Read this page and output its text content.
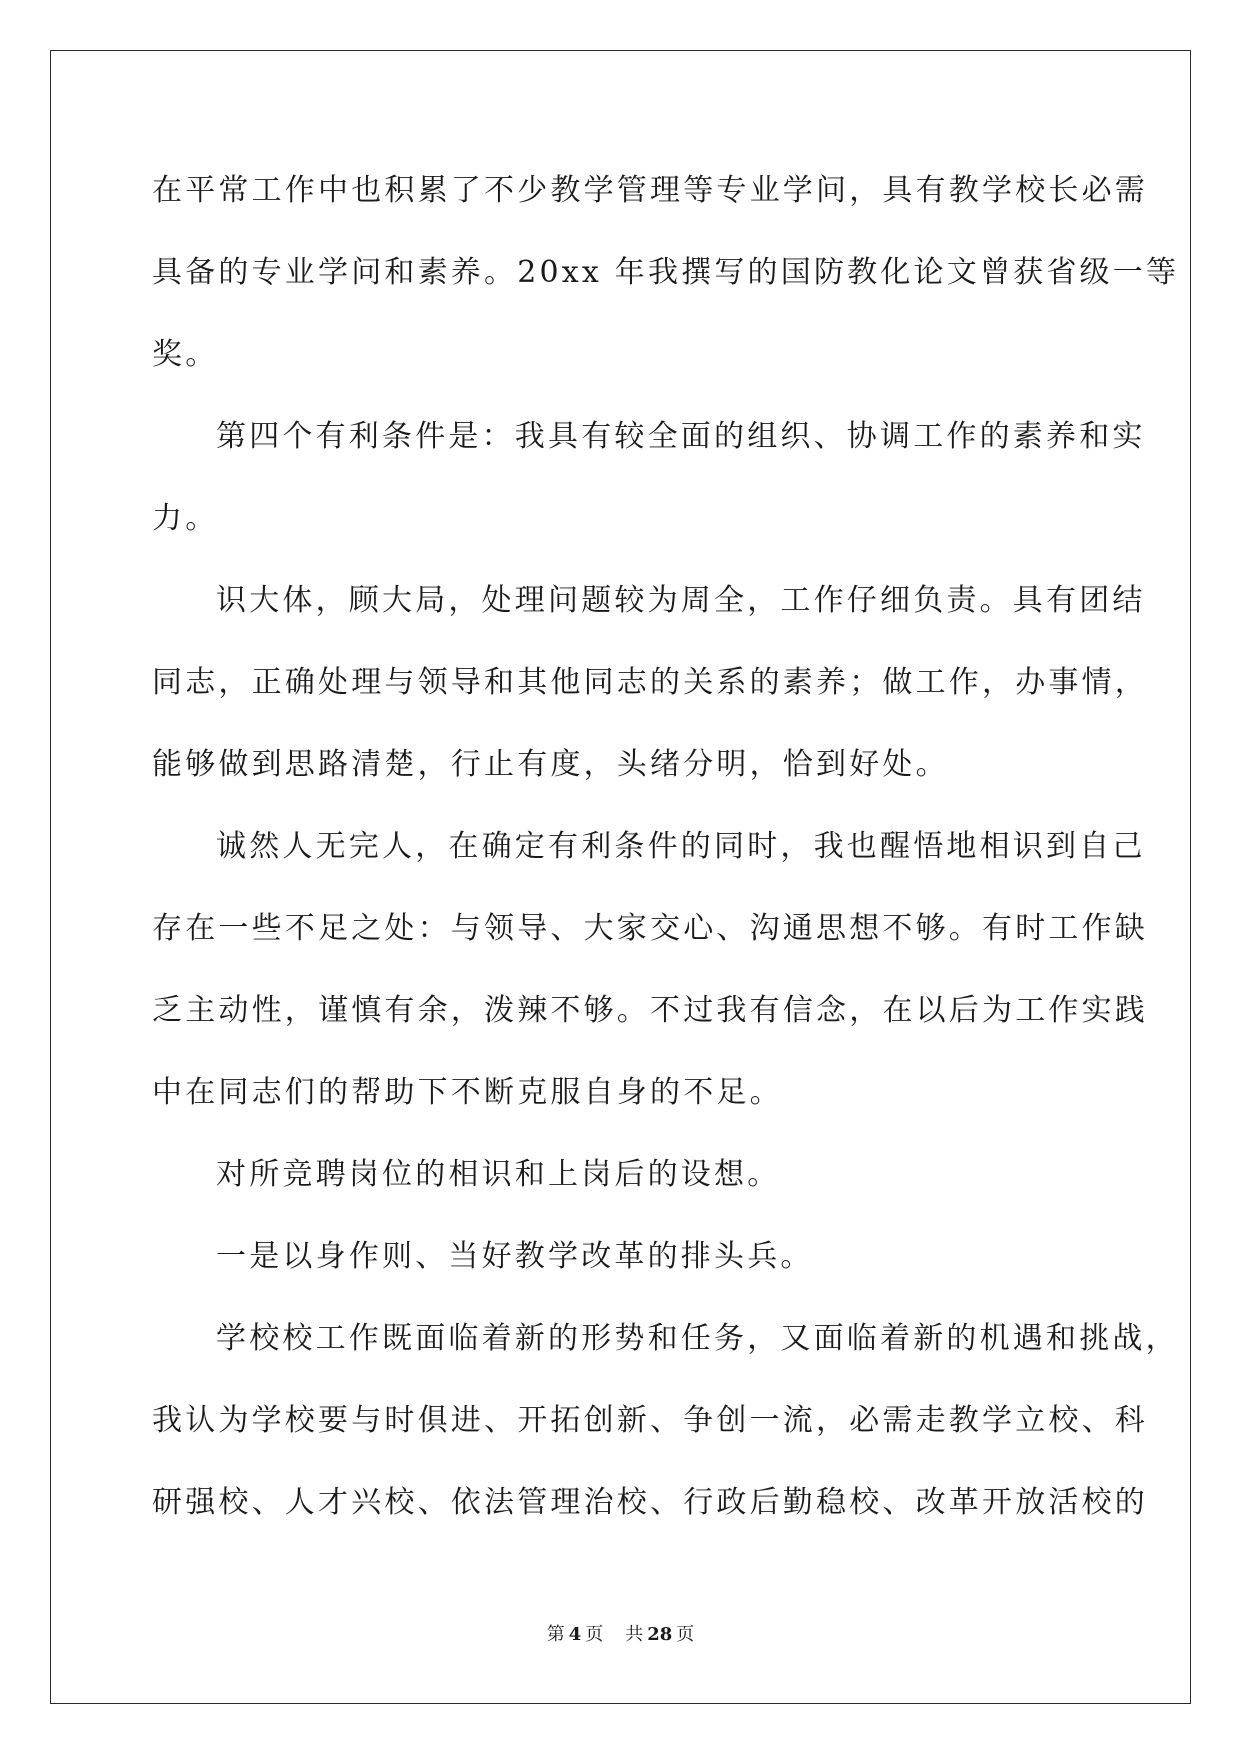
在平常工作中也积累了不少教学管理等专业学问，具有教学校长必需
具备的专业学问和素养。20xx 年我撰写的国防教化论文曾获省级一等
奖。
第四个有利条件是：我具有较全面的组织、协调工作的素养和实
力。
识大体，顾大局，处理问题较为周全，工作仔细负责。具有团结
同志，正确处理与领导和其他同志的关系的素养；做工作，办事情，
能够做到思路清楚，行止有度，头绪分明，恰到好处。
诚然人无完人，在确定有利条件的同时，我也醒悟地相识到自己
存在一些不足之处：与领导、大家交心、沟通思想不够。有时工作缺
乏主动性，谨慎有余，泼辣不够。不过我有信念，在以后为工作实践
中在同志们的帮助下不断克服自身的不足。
对所竞聘岗位的相识和上岗后的设想。
一是以身作则、当好教学改革的排头兵。
学校校工作既面临着新的形势和任务，又面临着新的机遇和挑战，
我认为学校要与时俱进、开拓创新、争创一流，必需走教学立校、科
研强校、人才兴校、依法管理治校、行政后勤稳校、改革开放活校的
第 4 页 共 28 页
